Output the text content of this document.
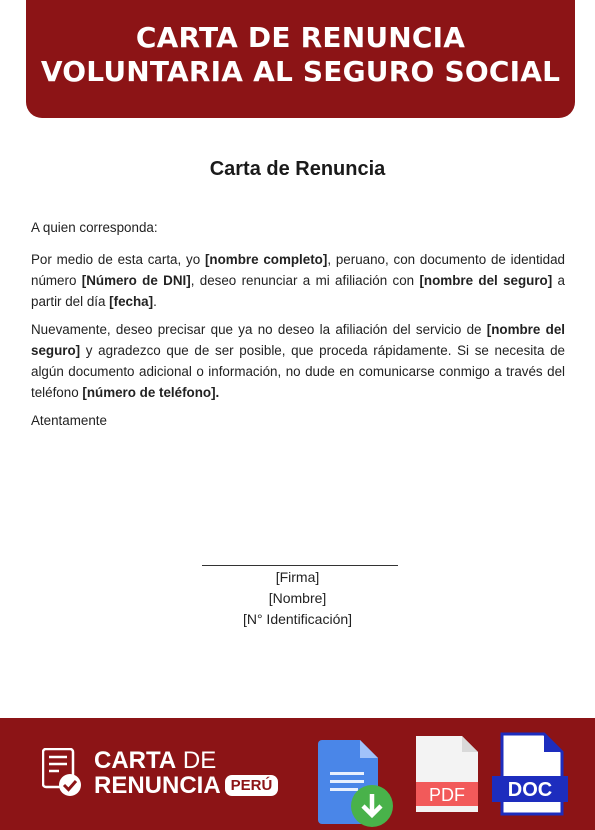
CARTA DE RENUNCIA
VOLUNTARIA AL SEGURO SOCIAL
Carta de Renuncia

A quien corresponda:

Por medio de esta carta, yo [nombre completo], peruano, con documento de identidad número [Número de DNI], deseo renunciar a mi afiliación con [nombre del seguro] a partir del día [fecha].

Nuevamente, deseo precisar que ya no deseo la afiliación del servicio de [nombre del seguro] y agradezco que de ser posible, que proceda rápidamente. Si se necesita de algún documento adicional o información, no dude en comunicarse conmigo a través del teléfono [número de teléfono].

Atentamente

[Firma]
[Nombre]
[N° Identificación]
CARTA DE
RENUNCIA PERÚ	PDF DOC
